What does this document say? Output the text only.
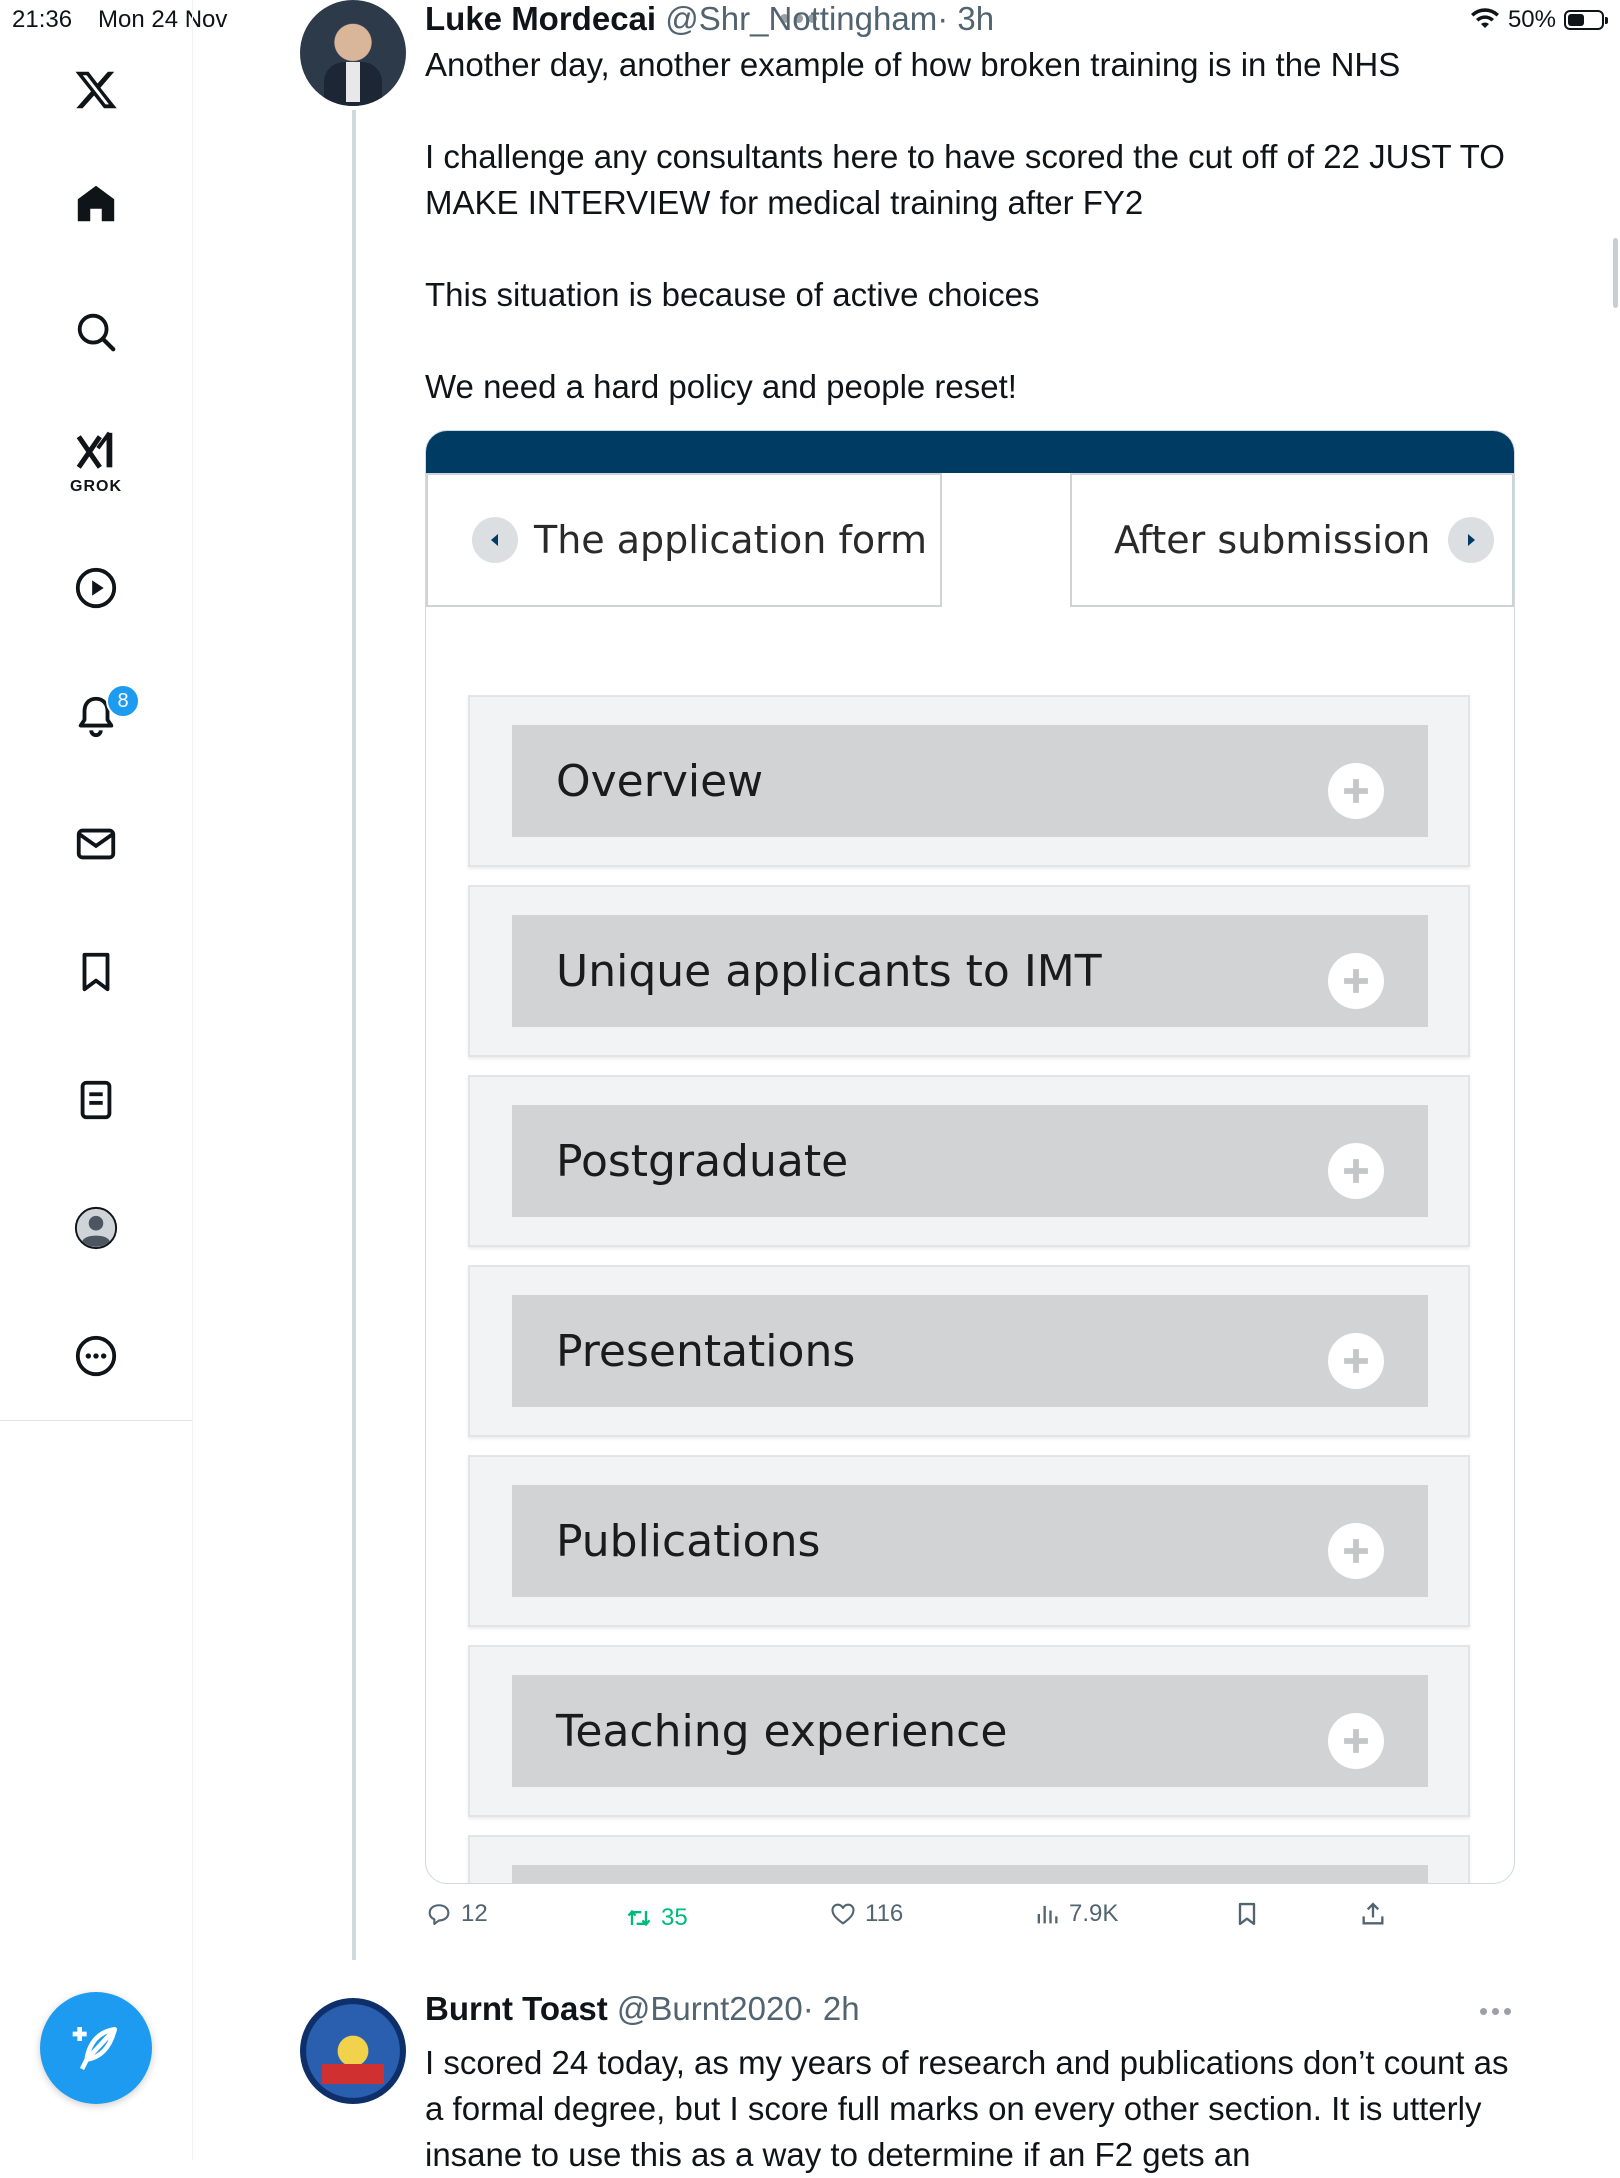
21:36 Mon 24 Nov	50%
GROK
8
Luke Mordecai @Shr_Nottingham· 3h

Another day, another example of how broken training is in the NHS

I challenge any consultants here to have scored the cut off of 22 JUST TO MAKE INTERVIEW for medical training after FY2

This situation is because of active choices

We need a hard policy and people reset!

The application form	After submission
Overview
Unique applicants to IMT
Postgraduate
Presentations
Publications
Teaching experience
12	35	116	7.9K
Burnt Toast @Burnt2020· 2h
I scored 24 today, as my years of research and publications don’t count as a formal degree, but I score full marks on every other section. It is utterly insane to use this as a way to determine if an F2 gets an
